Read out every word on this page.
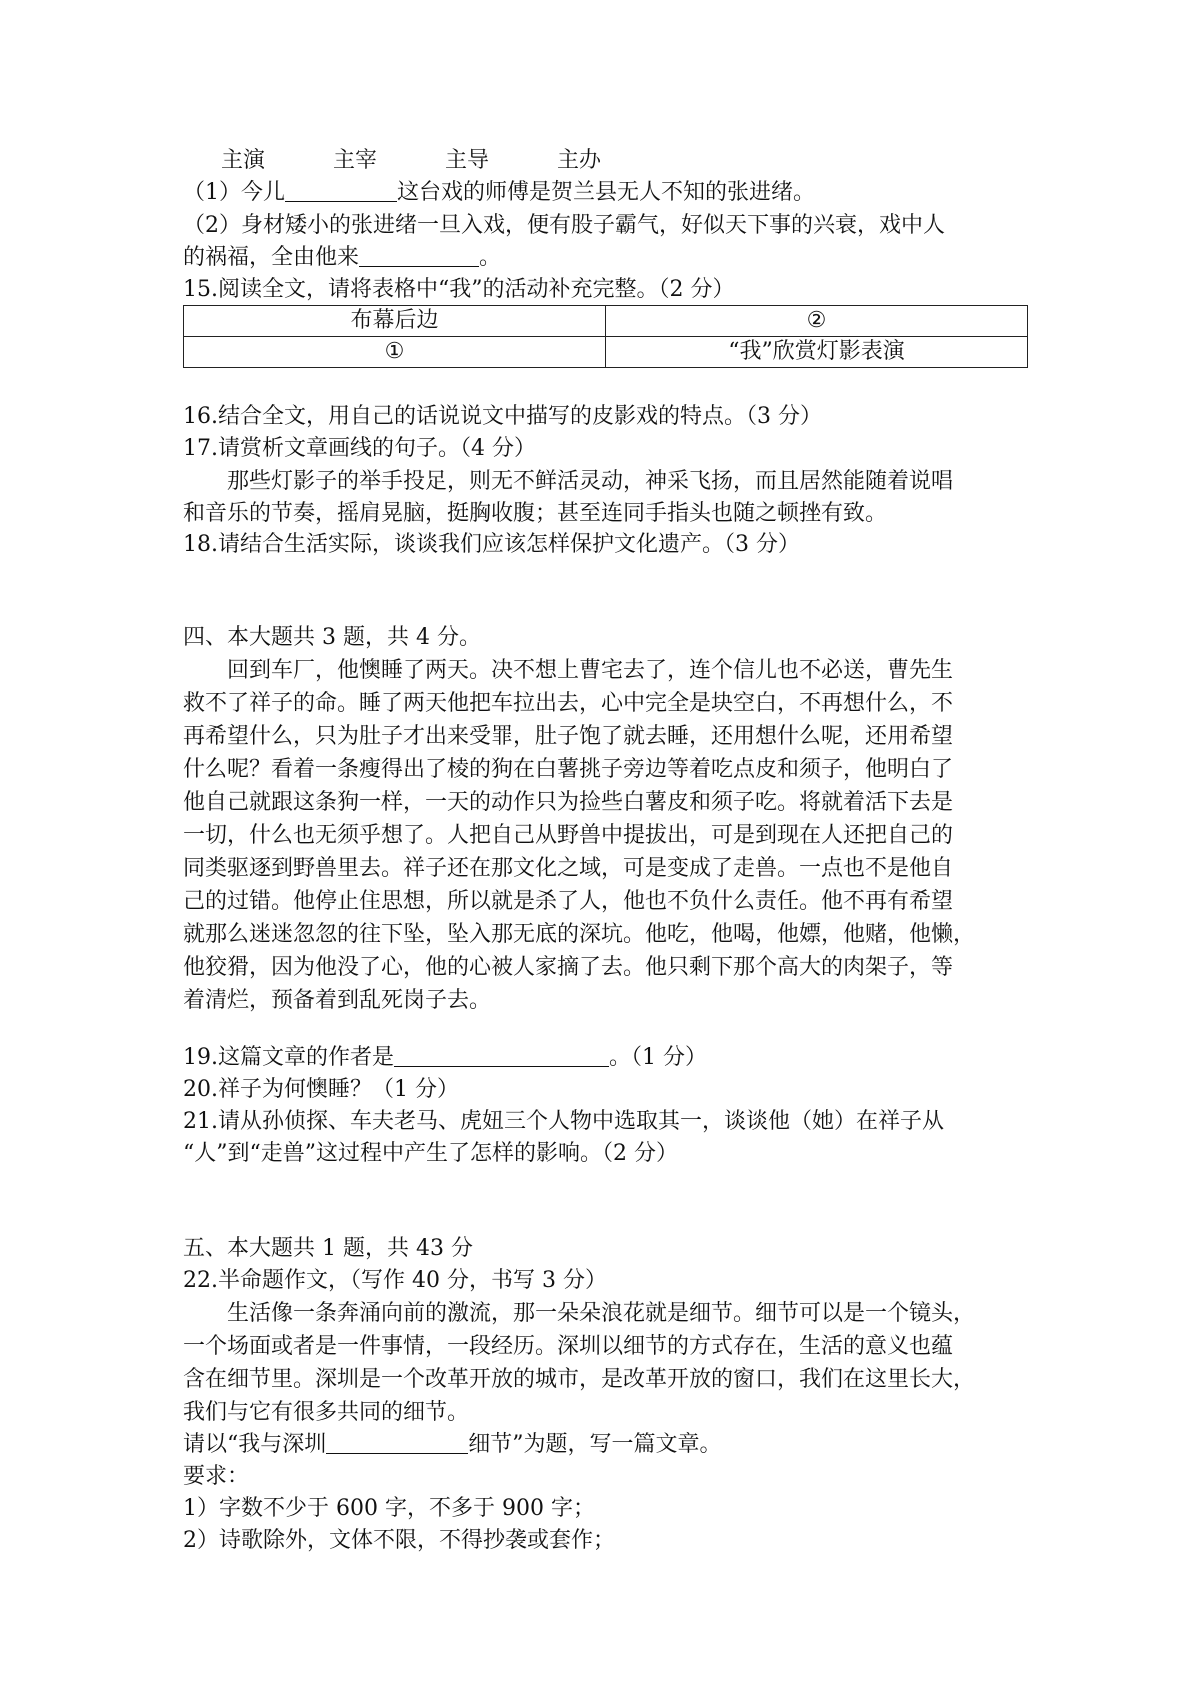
主演	主宰	主导	主办
（1）今儿	这台戏的师傅是贺兰县无人不知的张进绪。
（2）身材矮小的张进绪一旦入戏，便有股子霸气，好似天下事的兴衰，戏中人
的祸福，全由他来	。
15.阅读全文，请将表格中“我”的活动补充完整。（2 分）
布幕后边	②
①	“我”欣赏灯影表演
16.结合全文，用自己的话说说文中描写的皮影戏的特点。（3 分）
17.请赏析文章画线的句子。（4 分）
那些灯影子的举手投足，则无不鲜活灵动，神采飞扬，而且居然能随着说唱
和音乐的节奏，摇肩晃脑，挺胸收腹；甚至连同手指头也随之顿挫有致。
18.请结合生活实际，谈谈我们应该怎样保护文化遗产。（3 分）
四、本大题共 3 题，共 4 分。
回到车厂，他懊睡了两天。决不想上曹宅去了，连个信儿也不必送，曹先生
救不了祥子的命。睡了两天他把车拉出去，心中完全是块空白，不再想什么，不
再希望什么，只为肚子才出来受罪，肚子饱了就去睡，还用想什么呢，还用希望
什么呢？看着一条瘦得出了棱的狗在白薯挑子旁边等着吃点皮和须子，他明白了
他自己就跟这条狗一样，一天的动作只为捡些白薯皮和须子吃。将就着活下去是
一切，什么也无须乎想了。人把自己从野兽中提拔出，可是到现在人还把自己的
同类驱逐到野兽里去。祥子还在那文化之域，可是变成了走兽。一点也不是他自
己的过错。他停止住思想，所以就是杀了人，他也不负什么责任。他不再有希望
就那么迷迷忽忽的往下坠，坠入那无底的深坑。他吃，他喝，他嫖，他赌，他懒，
他狡猾，因为他没了心，他的心被人家摘了去。他只剩下那个高大的肉架子，等
着清烂，预备着到乱死岗子去。
19.这篇文章的作者是	。（1 分）
20.祥子为何懊睡？（1 分）
21.请从孙侦探、车夫老马、虎妞三个人物中选取其一，谈谈他（她）在祥子从
“人”到“走兽”这过程中产生了怎样的影响。（2 分）
五、本大题共 1 题，共 43 分
22.半命题作文，（写作 40 分，书写 3 分）
生活像一条奔涌向前的激流，那一朵朵浪花就是细节。细节可以是一个镜头，
一个场面或者是一件事情，一段经历。深圳以细节的方式存在，生活的意义也蕴
含在细节里。深圳是一个改革开放的城市，是改革开放的窗口，我们在这里长大，
我们与它有很多共同的细节。
请以“我与深圳	细节”为题，写一篇文章。
要求：
1）字数不少于 600 字，不多于 900 字；
2）诗歌除外，文体不限，不得抄袭或套作；
